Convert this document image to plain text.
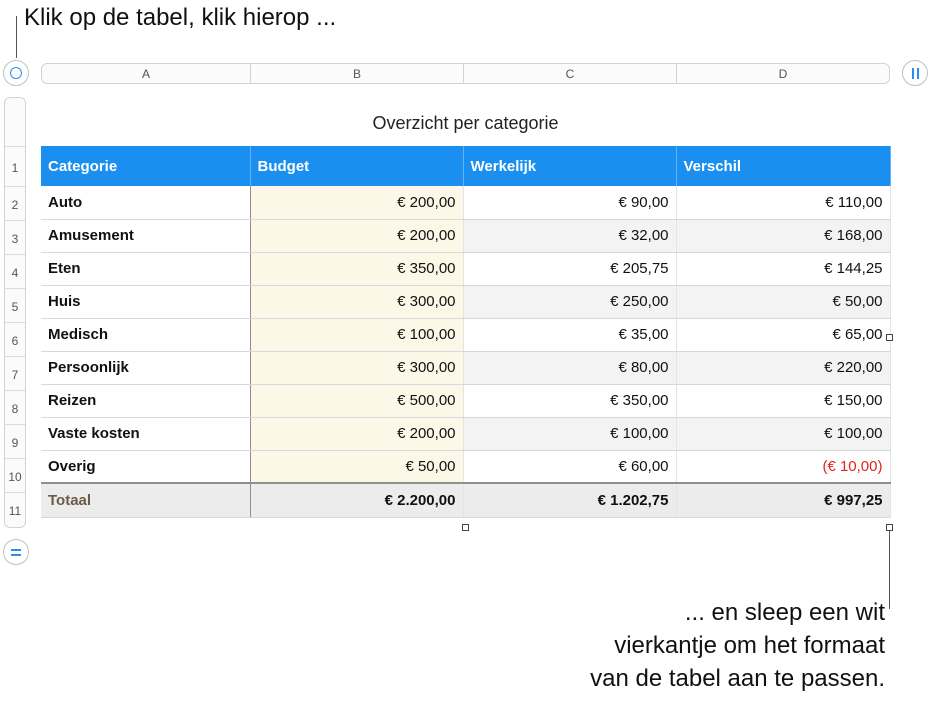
Klik op de tabel, klik hierop ...
A	B	C	D
1
2
3
4
5
6
7
8
9
10
11
Overzicht per categorie
Categorie	Budget	Werkelijk	Verschil
Auto	€ 200,00	€ 90,00	€ 110,00
Amusement	€ 200,00	€ 32,00	€ 168,00
Eten	€ 350,00	€ 205,75	€ 144,25
Huis	€ 300,00	€ 250,00	€ 50,00
Medisch	€ 100,00	€ 35,00	€ 65,00
Persoonlijk	€ 300,00	€ 80,00	€ 220,00
Reizen	€ 500,00	€ 350,00	€ 150,00
Vaste kosten	€ 200,00	€ 100,00	€ 100,00
Overig	€ 50,00	€ 60,00	(€ 10,00)
Totaal	€ 2.200,00	€ 1.202,75	€ 997,25
... en sleep een wit
vierkantje om het formaat
van de tabel aan te passen.
